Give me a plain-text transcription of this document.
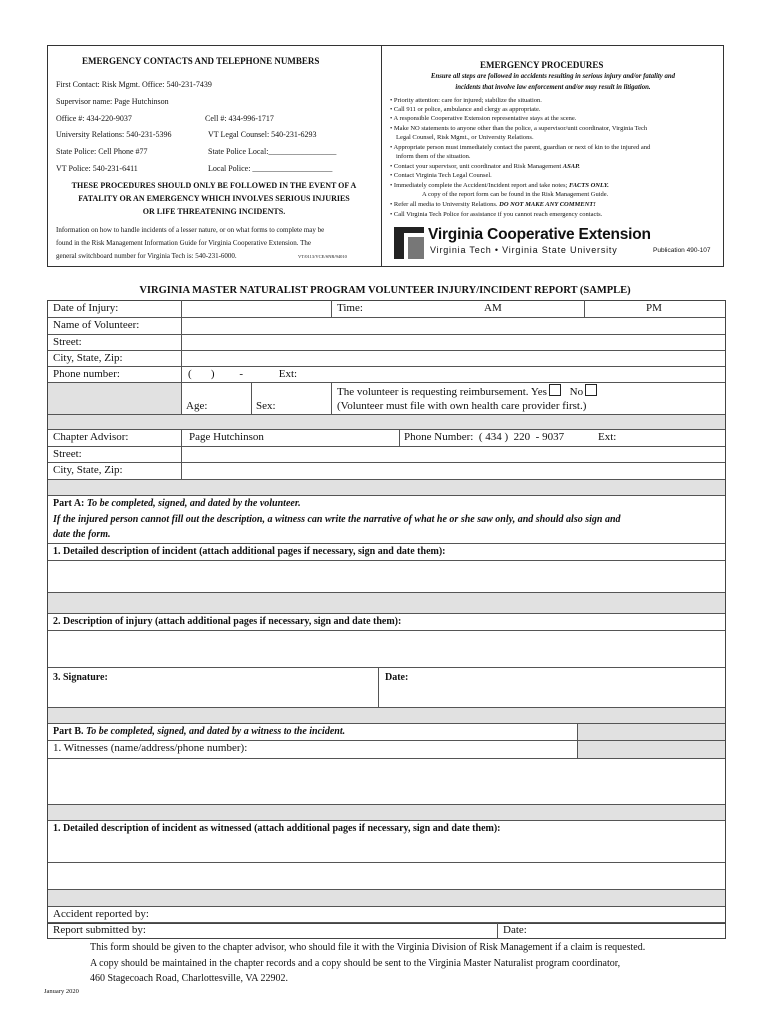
EMERGENCY CONTACTS AND TELEPHONE NUMBERS
First Contact: Risk Mgmt. Office: 540-231-7439
Supervisor name: Page Hutchinson
Office #: 434-220-9037	Cell #: 434-996-1717
University Relations: 540-231-5396	VT Legal Counsel: 540-231-6293
State Police: Cell Phone #77	State Police Local:_________________
VT Police: 540-231-6411	Local Police: ____________________
THESE PROCEDURES SHOULD ONLY BE FOLLOWED IN THE EVENT OF A
FATALITY OR AN EMERGENCY WHICH INVOLVES SERIOUS INJURIES
OR LIFE THREATENING INCIDENTS.
Information on how to handle incidents of a lesser nature, or on what forms to complete may be
found in the Risk Management Information Guide for Virginia Cooperative Extension. The
general switchboard number for Virginia Tech is: 540-231-6000.	VT/0113/VCE/SNR/94010
EMERGENCY PROCEDURES
Ensure all steps are followed in accidents resulting in serious injury and/or fatality and
incidents that involve law enforcement and/or may result in litigation.
• Priority attention: care for injured; stabilize the situation.
• Call 911 or police, ambulance and clergy as appropriate.
• A responsible Cooperative Extension representative stays at the scene.
• Make NO statements to anyone other than the police, a supervisor/unit coordinator, Virginia Tech
Legal Counsel, Risk Mgmt., or University Relations.
• Appropriate person must immediately contact the parent, guardian or next of kin to the injured and
inform them of the situation.
• Contact your supervisor, unit coordinator and Risk Management ASAP.
• Contact Virginia Tech Legal Counsel.
• Immediately complete the Accident/Incident report and take notes; FACTS ONLY.
A copy of the report form can be found in the Risk Management Guide.
• Refer all media to University Relations. DO NOT MAKE ANY COMMENT!
• Call Virginia Tech Police for assistance if you cannot reach emergency contacts.
Virginia Cooperative Extension
Virginia Tech • Virginia State University	Publication 490-107
VIRGINIA MASTER NATURALIST PROGRAM VOLUNTEER INJURY/INCIDENT REPORT (SAMPLE)
Date of Injury:	Time:	AM	PM
Name of Volunteer:
Street:
City, State, Zip:
Phone number:	(       )         -             Ext:
Age:	Sex:
The volunteer is requesting reimbursement. Yes No
(Volunteer must file with own health care provider first.)
Chapter Advisor:	Page Hutchinson	Phone Number:  ( 434 )  220  - 9037	Ext:
Street:
City, State, Zip:
Part A: To be completed, signed, and dated by the volunteer.
If the injured person cannot fill out the description, a witness can write the narrative of what he or she saw only, and should also sign and
date the form.
1. Detailed description of incident (attach additional pages if necessary, sign and date them):
2. Description of injury (attach additional pages if necessary, sign and date them):
3. Signature:	Date:
Part B. To be completed, signed, and dated by a witness to the incident.
1. Witnesses (name/address/phone number):
1. Detailed description of incident as witnessed (attach additional pages if necessary, sign and date them):
Accident reported by:
Report submitted by:	Date:
This form should be given to the chapter advisor, who should file it with the Virginia Division of Risk Management if a claim is requested.
A copy should be maintained in the chapter records and a copy should be sent to the Virginia Master Naturalist program coordinator,
460 Stagecoach Road, Charlottesville, VA 22902.
January 2020
